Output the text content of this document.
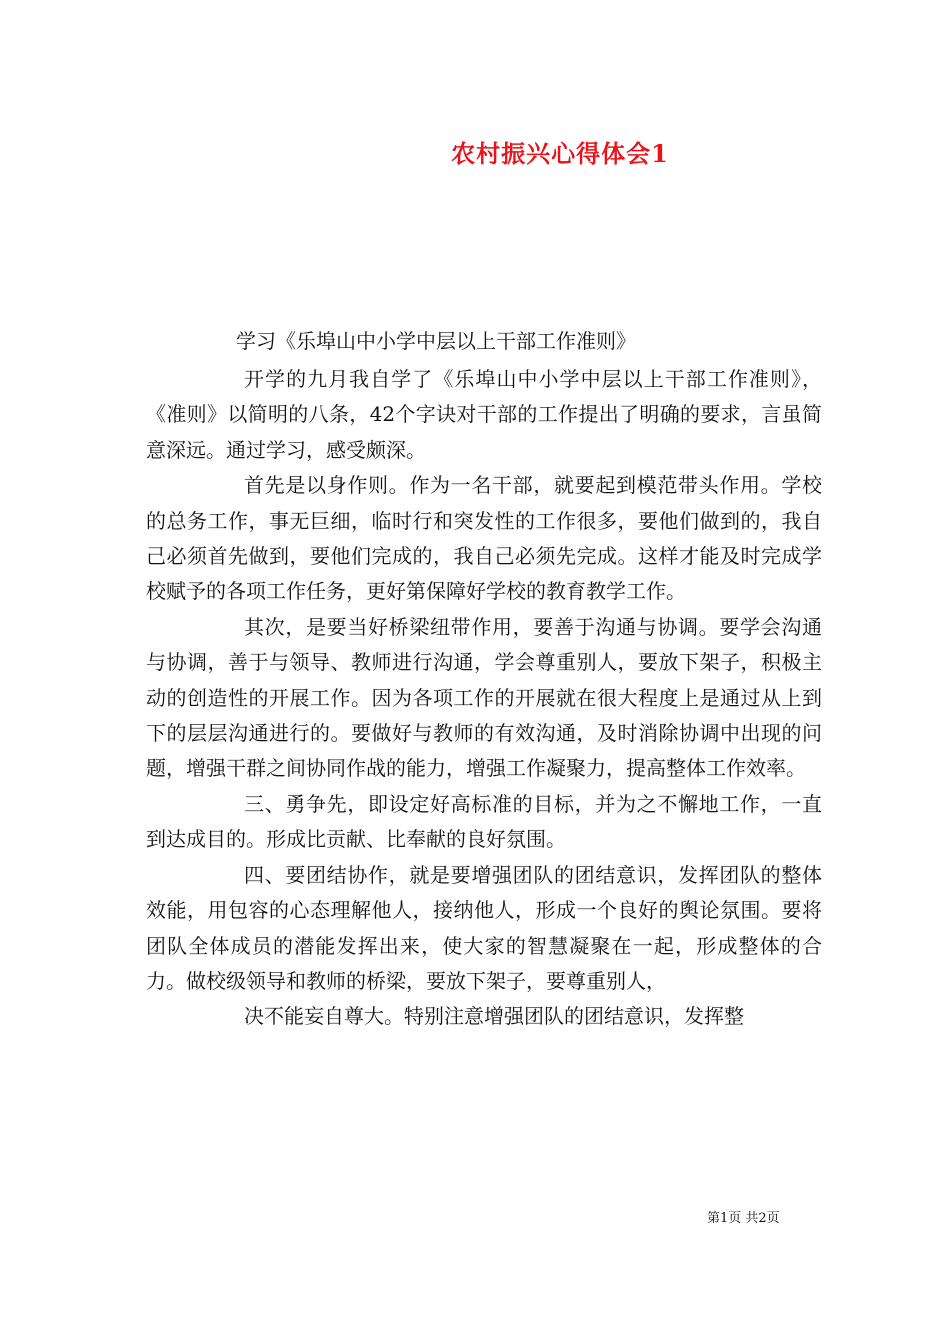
农村振兴心得体会1
学习《乐埠山中小学中层以上干部工作准则》

开学的九月我自学了《乐埠山中小学中层以上干部工作准则》，《准则》以简明的八条，42个字诀对干部的工作提出了明确的要求，言虽简意深远。通过学习，感受颇深。

首先是以身作则。作为一名干部，就要起到模范带头作用。学校的总务工作，事无巨细，临时行和突发性的工作很多，要他们做到的，我自己必须首先做到，要他们完成的，我自己必须先完成。这样才能及时完成学校赋予的各项工作任务，更好第保障好学校的教育教学工作。

其次，是要当好桥梁纽带作用，要善于沟通与协调。要学会沟通与协调，善于与领导、教师进行沟通，学会尊重别人，要放下架子，积极主动的创造性的开展工作。因为各项工作的开展就在很大程度上是通过从上到下的层层沟通进行的。要做好与教师的有效沟通，及时消除协调中出现的问题，增强干群之间协同作战的能力，增强工作凝聚力，提高整体工作效率。

三、勇争先，即设定好高标准的目标，并为之不懈地工作，一直到达成目的。形成比贡献、比奉献的良好氛围。

四、要团结协作，就是要增强团队的团结意识，发挥团队的整体效能，用包容的心态理解他人，接纳他人，形成一个良好的舆论氛围。要将团队全体成员的潜能发挥出来，使大家的智慧凝聚在一起，形成整体的合力。做校级领导和教师的桥梁，要放下架子，要尊重别人，

决不能妄自尊大。特别注意增强团队的团结意识，发挥整

第1页 共2页
